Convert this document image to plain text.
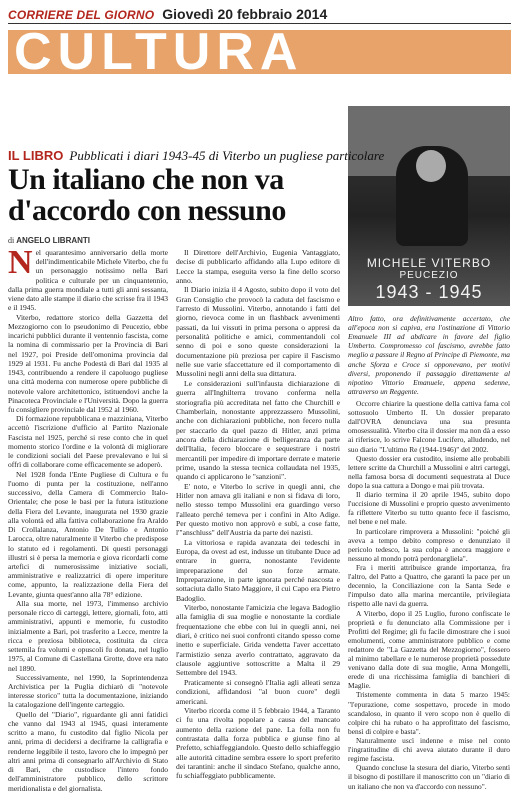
CORRIERE DEL GIORNO Giovedì 20 febbraio 2014
CULTURA
MICHELE VITERBO
PEUCEZIO
1943 - 1945
IL LIBRO Pubblicati i diari 1943-45 di Viterbo un pugliese particolare
Un italiano che non va d'accordo con nessuno
di ANGELO LIBRANTI
N el quarantesimo anniversario della morte dell'indimenticabile Michele Viterbo, che fu un personaggio notissimo nella Bari politica e culturale per un cinquantennio, dalla prima guerra mondiale a tutti gli anni sessanta, viene dato alle stampe il diario che scrisse fra il 1943 e il 1945.

Viterbo, redattore storico della Gazzetta del Mezzogiorno con lo pseudonimo di Peucezio, ebbe incarichi pubblici durante il ventennio fascista, come la nomina di commissario per la Provincia di Bari nel 1927, poi Preside dell'omonima provincia dal 1929 al 1931. Fu anche Podestà di Bari dal 1935 al 1943, contribuendo a rendere il capoluogo pugliese una città moderna con numerose opere pubbliche di notevole valore architettonico, istituendovi anche la Pinacoteca Provinciale e l'Università. Dopo la guerra fu consigliere provinciale dal 1952 al 1960.

Di formazione repubblicana e mazziniana, Viterbo accettò l'iscrizione d'ufficio al Partito Nazionale Fascista nel 1925, perché si rese conto che in quel momento storico l'ordine e la volontà di migliorare le condizioni sociali del Paese prevalevano e lui si offrì di collaborare come efficacemente se adoperò.

Nel 1928 fonda l'Ente Pugliese di Cultura e fu l'uomo di punta per la costituzione, nell'anno successivo, della Camera di Commercio Italo-Orientale; che pose le basi per la futura istituzione della Fiera del Levante, inaugurata nel 1930 grazie alla volontà ed alla fattiva collaborazione fra Araldo Di Crollalanza, Antonio De Tullio e Antonio Larocca, oltre naturalmente il Viterbo che predispose lo statuto ed i regolamenti. Di questi personaggi illustri si è persa la memoria e giova ricordarli come artefici di numerosissime iniziative sociali, amministrative e realizzatrici di opere imperiture come, appunto, la realizzazione della Fiera del Levante, giunta quest'anno alla 78° edizione.

Alla sua morte, nel 1973, l'immenso archivio personale ricco di carteggi, lettere, giornali, foto, atti amministrativi, appunti e memorie, fu custodito inizialmente a Bari, poi trasferito a Lecce, mentre la ricca e preziosa biblioteca, costituita da circa settemila fra volumi e opuscoli fu donata, nel luglio 1975, al Comune di Castellana Grotte, dove era nato nel 1890.

Successivamente, nel 1990, la Soprintendenza Archivistica per la Puglia dichiarò di "notevole interesse storico" tutta la documentazione, iniziando la catalogazione dell'ingente carteggio.

Quello del "Diario", riguardante gli anni fatidici che vanno dal 1943 al 1945, quasi interamente scritto a mano, fu custodito dal figlio Nicola per anni, prima di decidersi a decifrarne la calligrafia e renderne leggibile il testo, lavoro che lo impegnò per altri anni prima di consegnarlo all'Archivio di Stato di Bari, che custodisce l'intero fondo dell'amministratore pubblico, dello scrittore meridionalista e del giornalista.

Il Direttore dell'Archivio, Eugenia Vantaggiato, decise di pubblicarlo affidando alla Lupo editore di Lecce la stampa, eseguita verso la fine dello scorso anno.

Il Diario inizia il 4 Agosto, subito dopo il voto del Gran Consiglio che provocò la caduta del fascismo e l'arresto di Mussolini. Viterbo, annotando i fatti del giorno, rievoca come in un flashback avvenimenti passati, da lui vissuti in prima persona o appresi da personalità politiche e amici, commentandoli col senno di poi e sono queste considerazioni la documentazione più preziosa per capire il Fascismo nelle sue varie sfaccettature ed il comportamento di Mussolini negli anni della sua dittatura.

Le considerazioni sull'infausta dichiarazione di guerra all'Inghilterra trovano conferma nella storiografia più accreditata nel fatto che Churchill e Chamberlain, nonostante apprezzassero Mussolini, anche con dichiarazioni pubbliche, non fecero nulla per staccarlo da quel pazzo di Hitler, anzi prima ancora della dichiarazione di belligeranza da parte dell'Italia, fecero bloccare e sequestrare i nostri mercantili per impedire di importare derrate e materie prime, usando la stessa tecnica collaudata nel 1935, quando ci applicarono le "sanzioni".

E' noto, e Viterbo lo scrive in quegli anni, che Hitler non amava gli italiani e non si fidava di loro, nello stesso tempo Mussolini era guardingo verso l'alleato perché temeva per i confini in Alto Adige. Per questo motivo non approvò e subì, a cose fatte, l'"anschluss" dell'Austria da parte dei nazisti.

La vittoriosa e rapida avanzata dei tedeschi in Europa, da ovest ad est, indusse un titubante Duce ad entrare in guerra, nonostante l'evidente impreparazione del suo forze armate. Impreparazione, in parte ignorata perché nascosta e sottaciuta dallo Stato Maggiore, il cui Capo era Pietro Badoglio.

Viterbo, nonostante l'amicizia che legava Badoglio alla famiglia di sua moglie e nonostante la cordiale frequentazione che ebbe con lui in quegli anni, nei diari, è critico nei suoi confronti citando spesso come inetto e superficiale. Grida vendetta l'aver accettato l'armistizio senza averlo contrattato, aggravato da clausole aggiuntive sottoscritte a Malta il 29 Settembre del 1943.

Praticamente si consegnò l'Italia agli alleati senza condizioni, affidandosi "al buon cuore" degli americani.

Viterbo ricorda come il 5 febbraio 1944, a Taranto ci fu una rivolta popolare a causa del mancato aumento della razione del pane. La folla non fu contrastata dalla forza pubblica e giunse fino al Prefetto, schiaffeggiandolo. Questo dello schiaffeggio alle autorità cittadine sembra essere lo sport preferito dei tarantini: anche il sindaco Stefano, qualche anno, fu schiaffeggiato pubblicamente.

Altro fatto, ora definitivamente accertato, che all'epoca non si capiva, era l'ostinazione di Vittorio Emanuele III ad abdicare in favore del figlio Umberto. Compromesso col fascismo, avrebbe fatto meglio a passare il Regno al Principe di Piemonte, ma anche Sforza e Croce si opponevano, per motivi diversi, proponendo il passaggio direttamente al nipotino Vittorio Emanuele, appena sedenne, attraverso un Reggente.

Occorre chiarire la questione della cattiva fama col sottosuolo Umberto II. Un dossier preparato dall'OVRA denunciava una sua presunta omosessualità. Viterbo cita il dossier ma non dà a esso ai riferisce, lo scrive Falcone Lucifero, alludendo, nel suo diario "L'ultimo Re (1944-1946)" del 2002.

Questo dossier era custodito, insieme alle probabili lettere scritte da Churchill a Mussolini e altri carteggi, nella famosa borsa di documenti sequestrata al Duce dopo la sua cattura a Dongo e mai più trovata.

Il diario termina il 20 aprile 1945, subito dopo l'uccisione di Mussolini e proprio questo avvenimento fa riflettere Viterbo su tutto quanto fece il fascismo, nel bene e nel male.

In particolare rimprovera a Mussolini: "poiché gli aveva a tempo debito compreso e denunziato il pericolo tedesco, la sua colpa è ancora maggiore e nessuno al mondo potrà perdonargliela".

Fra i meriti attribuisce grande importanza, fra l'altro, del Patto a Quattro, che garantì la pace per un decennio, la Conciliazione con la Santa Sede e l'impulso dato alla marina mercantile, privilegiata rispetto alle navi da guerra.

A Viterbo, dopo il 25 Luglio, furono confiscate le proprietà e fu denunciato alla Commissione per i Profitti del Regime; gli fu facile dimostrare che i suoi emolumenti, come amministratore pubblico e come redattore de "La Gazzetta del Mezzogiorno", fossero al minimo tabellare e le numerose proprietà possedute venivano dalla dote di sua moglie, Anna Mongelli, erede di una ricchissima famiglia di banchieri di Maglie.

Tristemente commenta in data 5 marzo 1945: "l'epurazione, come sospettavo, procede in modo scandaloso, in quanto il vero scopo non è quello di colpire chi ha rubato o ha approfittato del fascismo, bensì di colpire e basta".

Naturalmente uscì indenne e mise nel conto l'ingratitudine di chi aveva aiutato durante il duro regime fascista.

Quando concluse la stesura del diario, Viterbo sentì il bisogno di postillare il manoscritto con un "diario di un italiano che non va d'accordo con nessuno".
